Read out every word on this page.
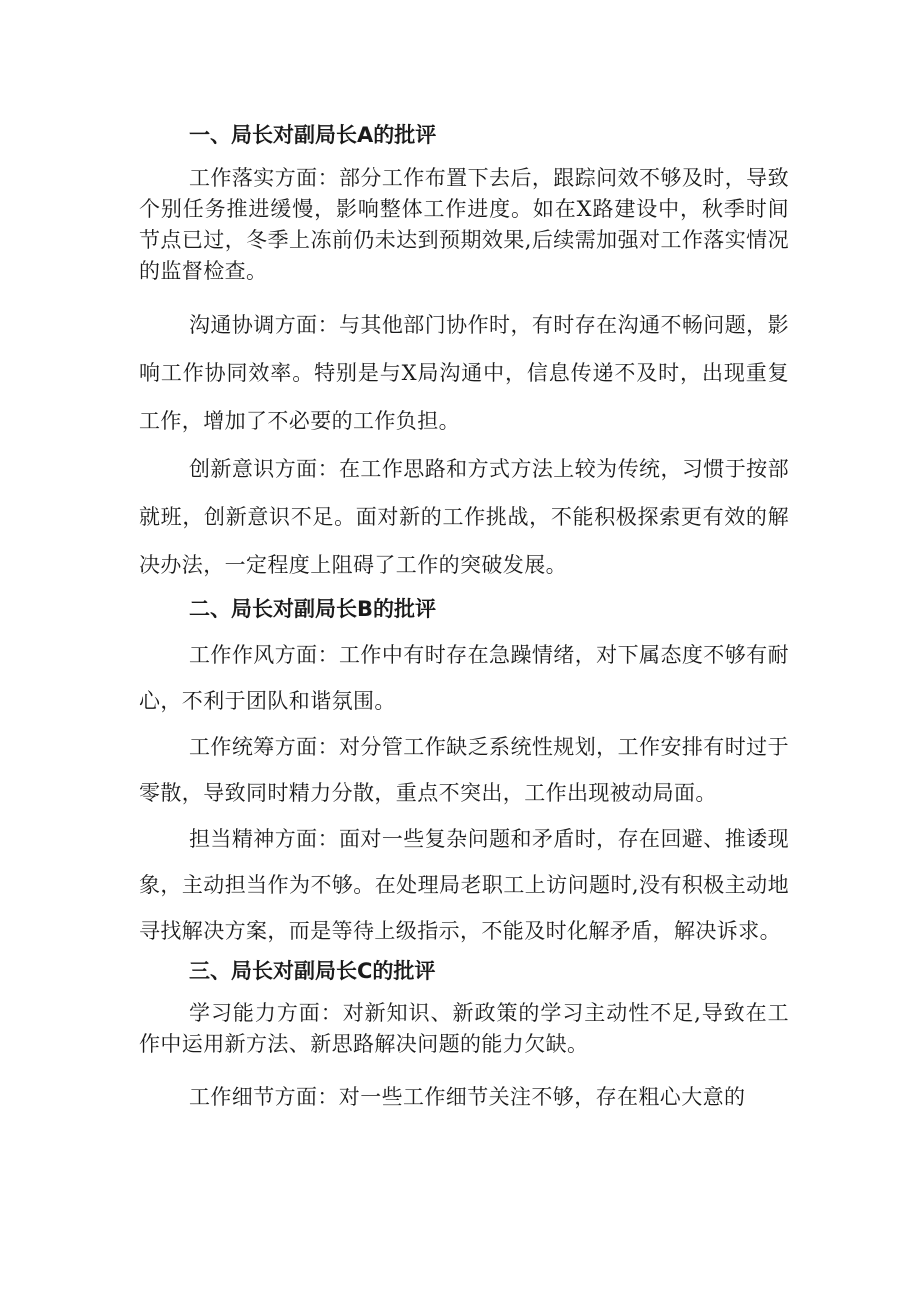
一、局长对副局长A的批评

工作落实方面：部分工作布置下去后，跟踪问效不够及时，导致个别任务推进缓慢，影响整体工作进度。如在X路建设中，秋季时间节点已过，冬季上冻前仍未达到预期效果,后续需加强对工作落实情况的监督检查。

沟通协调方面：与其他部门协作时，有时存在沟通不畅问题，影响工作协同效率。特别是与X局沟通中，信息传递不及时，出现重复工作，增加了不必要的工作负担。

创新意识方面：在工作思路和方式方法上较为传统，习惯于按部就班，创新意识不足。面对新的工作挑战，不能积极探索更有效的解决办法，一定程度上阻碍了工作的突破发展。

二、局长对副局长B的批评

工作作风方面：工作中有时存在急躁情绪，对下属态度不够有耐心，不利于团队和谐氛围。

工作统筹方面：对分管工作缺乏系统性规划，工作安排有时过于零散，导致同时精力分散，重点不突出，工作出现被动局面。

担当精神方面：面对一些复杂问题和矛盾时，存在回避、推诿现象，主动担当作为不够。在处理局老职工上访问题时,没有积极主动地寻找解决方案，而是等待上级指示，不能及时化解矛盾，解决诉求。

三、局长对副局长C的批评

学习能力方面：对新知识、新政策的学习主动性不足,导致在工作中运用新方法、新思路解决问题的能力欠缺。

工作细节方面：对一些工作细节关注不够，存在粗心大意的
